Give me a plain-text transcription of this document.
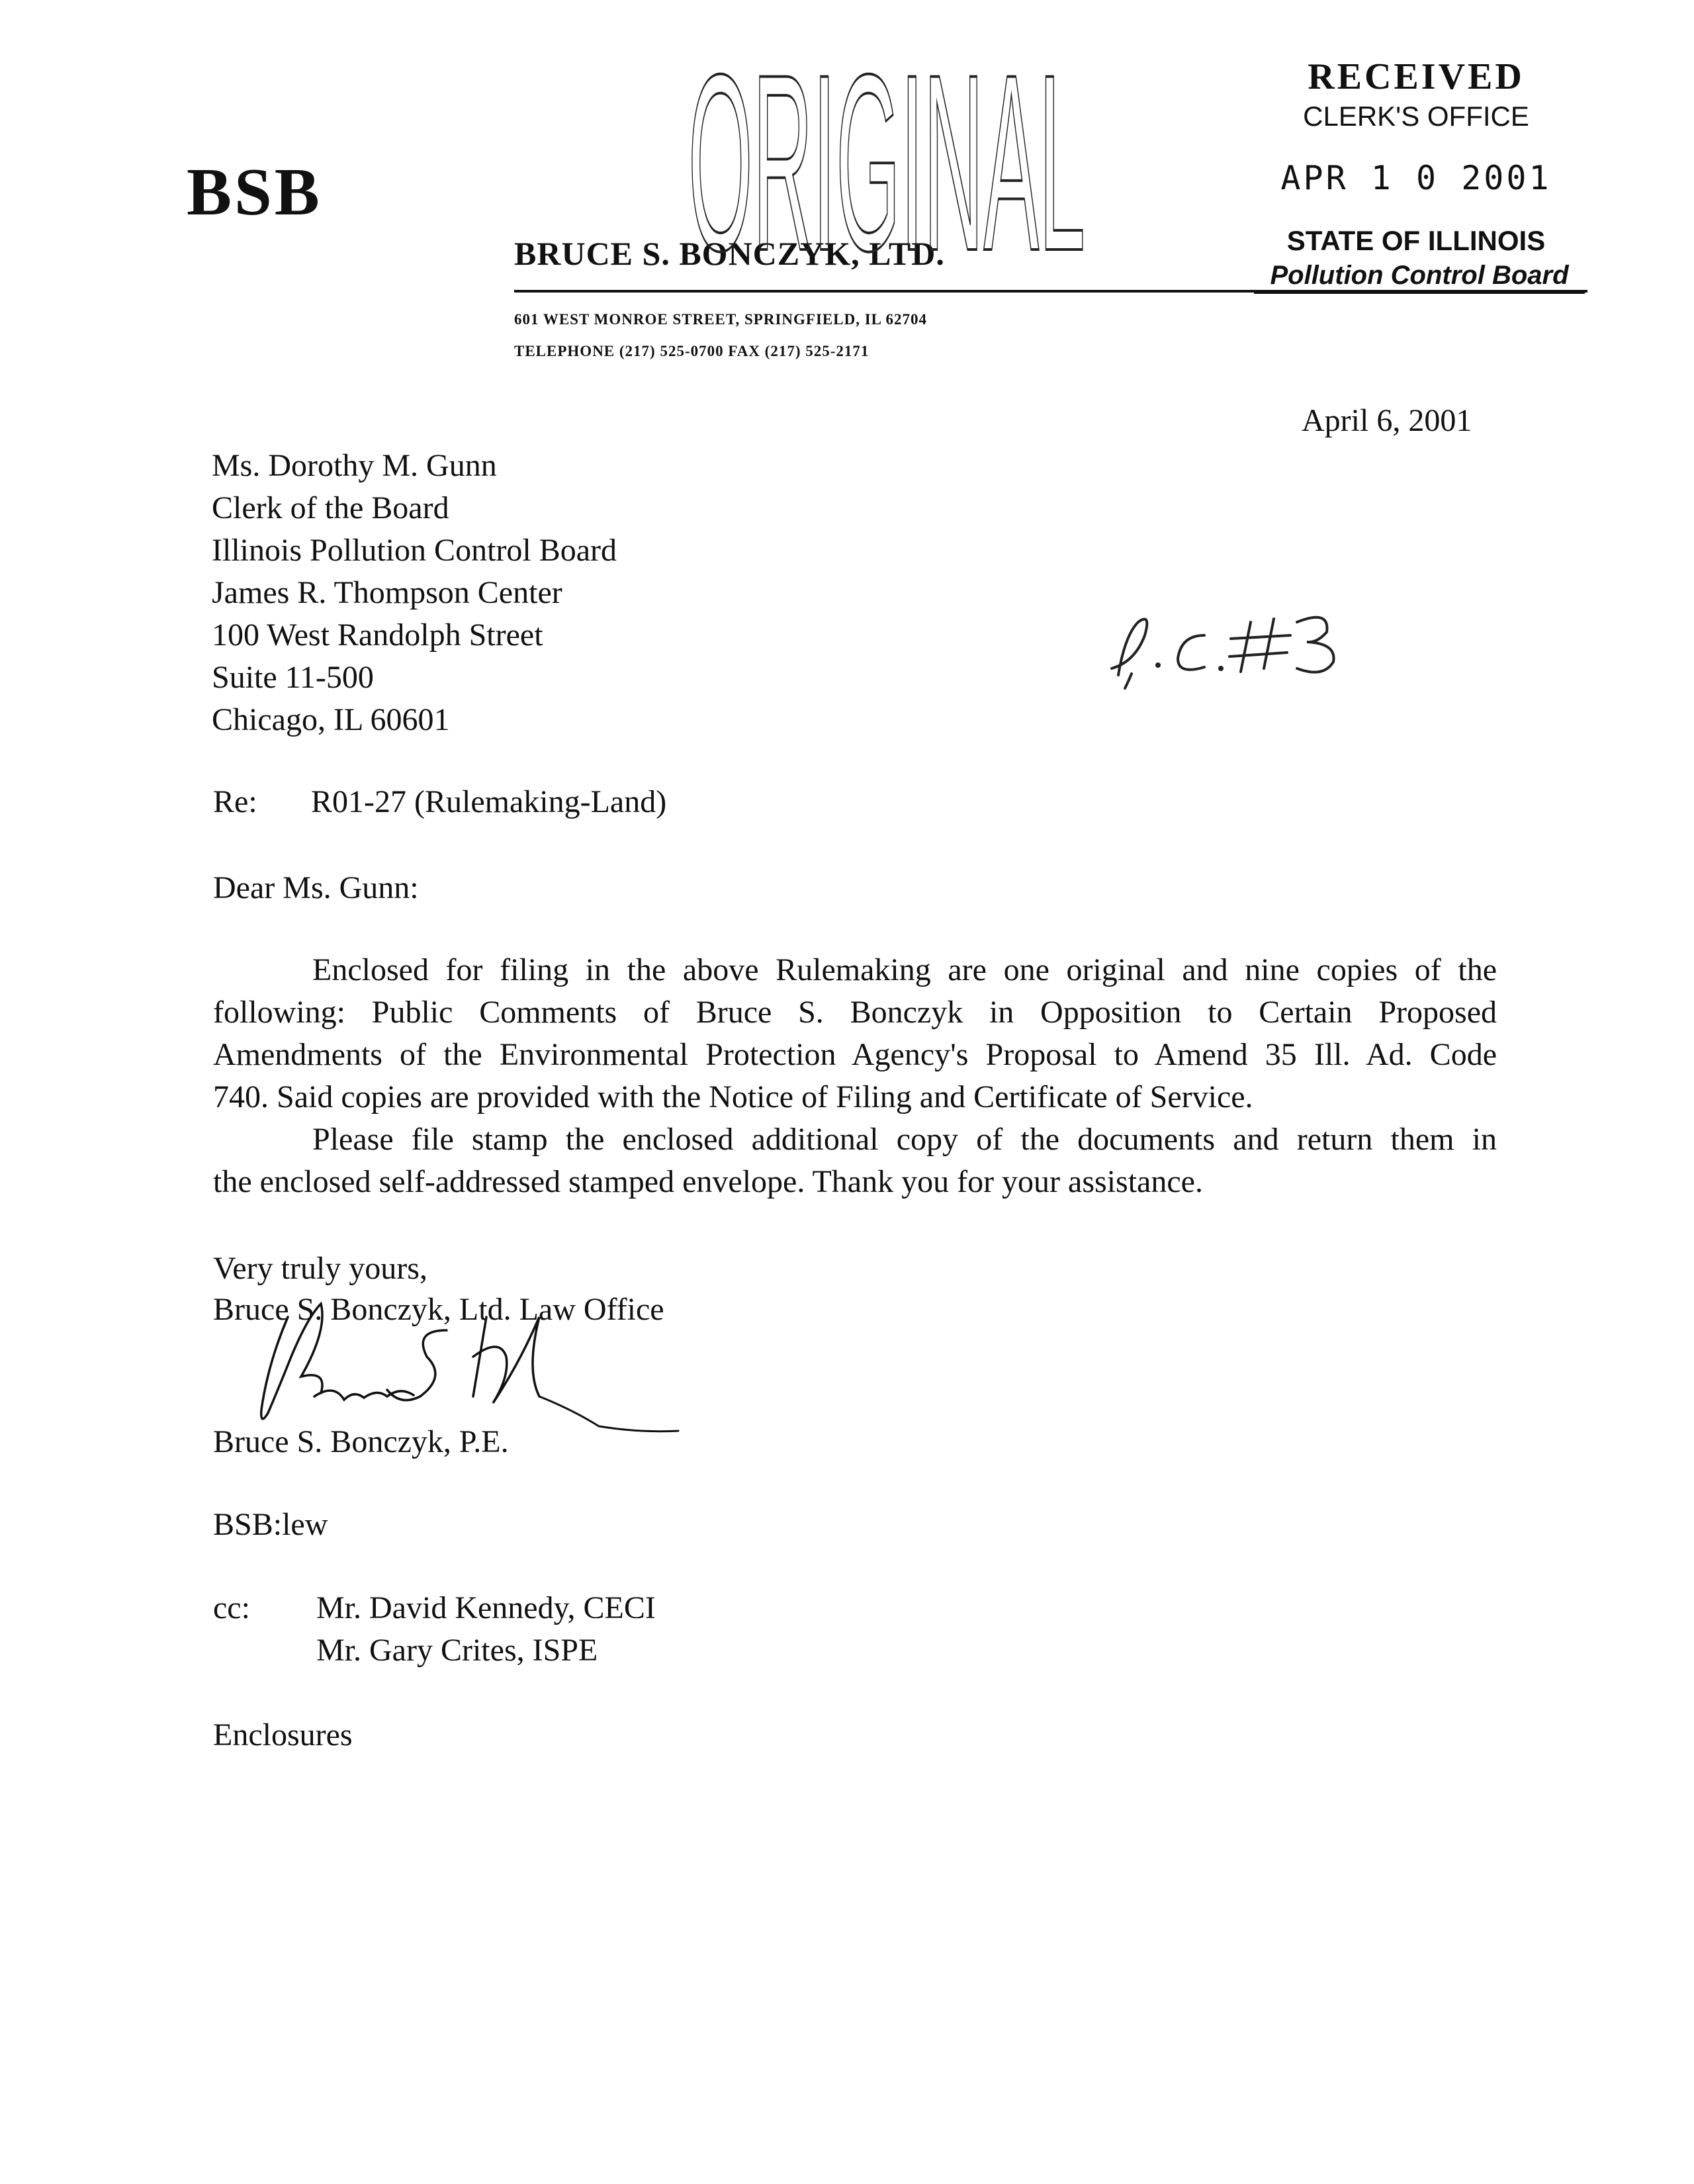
BSB
BRUCE S. BONCZYK, LTD.
601 WEST MONROE STREET, SPRINGFIELD, IL 62704
TELEPHONE (217) 525-0700 FAX (217) 525-2171
ORIGINAL	RECEIVED
CLERK'S OFFICE
APR 1 0 2001
STATE OF ILLINOIS
Pollution Control Board
April 6, 2001
Ms. Dorothy M. Gunn
Clerk of the Board
Illinois Pollution Control Board
James R. Thompson Center
100 West Randolph Street
Suite 11-500
Chicago, IL 60601
Re: R01-27 (Rulemaking-Land)
Dear Ms. Gunn:
Enclosed for filing in the above Rulemaking are one original and nine copies of the
following: Public Comments of Bruce S. Bonczyk in Opposition to Certain Proposed
Amendments of the Environmental Protection Agency's Proposal to Amend 35 Ill. Ad. Code
740. Said copies are provided with the Notice of Filing and Certificate of Service.
Please file stamp the enclosed additional copy of the documents and return them in
the enclosed self-addressed stamped envelope. Thank you for your assistance.
Very truly yours,
Bruce S. Bonczyk, Ltd. Law Office
Bruce S. Bonczyk, P.E.
BSB:lew
cc: Mr. David Kennedy, CECI
Mr. Gary Crites, ISPE
Enclosures
